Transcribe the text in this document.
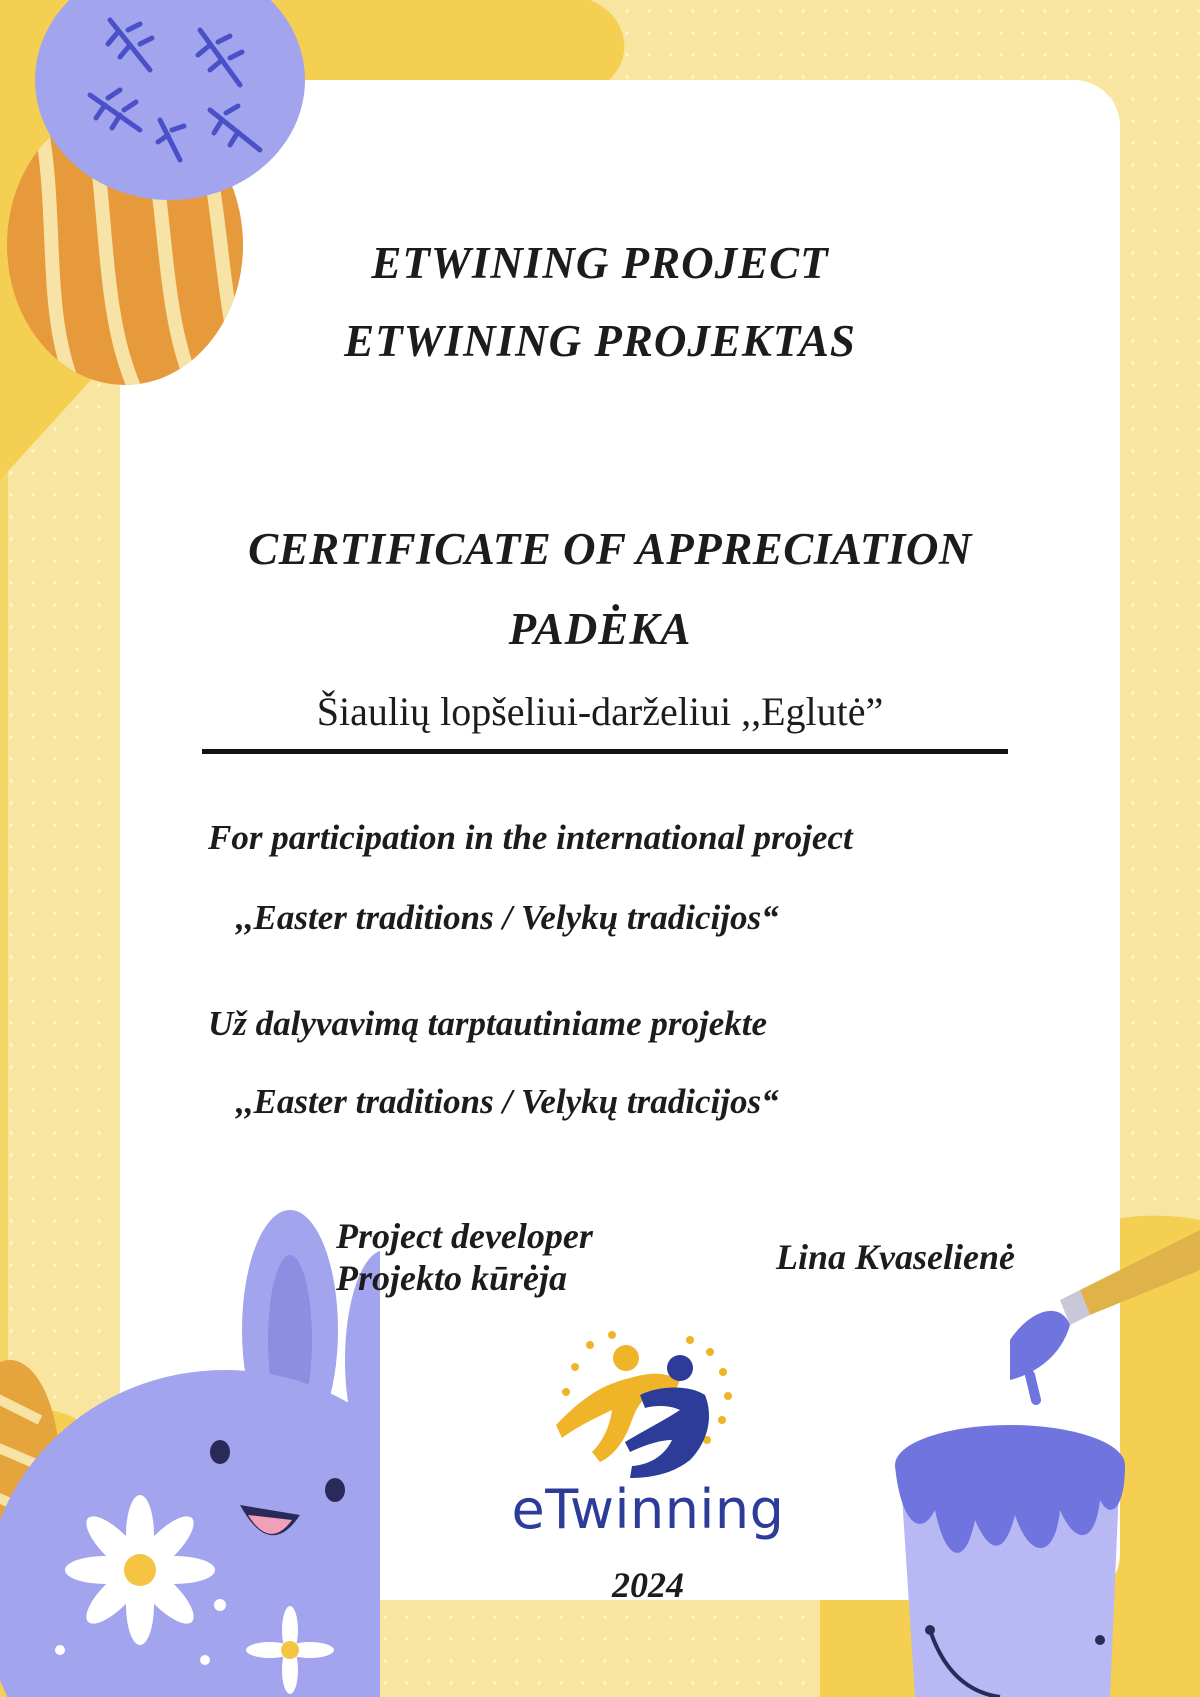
ETWINING PROJECT
ETWINING PROJEKTAS
CERTIFICATE OF APPRECIATION
PADĖKA
Šiaulių lopšeliui-darželiui ,,Eglutė”
For participation in the international project
,,Easter traditions / Velykų tradicijos“
Už dalyvavimą tarptautiniame projekte
,,Easter traditions / Velykų tradicijos“
Project developer
Projekto kūrėja
Lina Kvaselienė
eTwinning
2024
